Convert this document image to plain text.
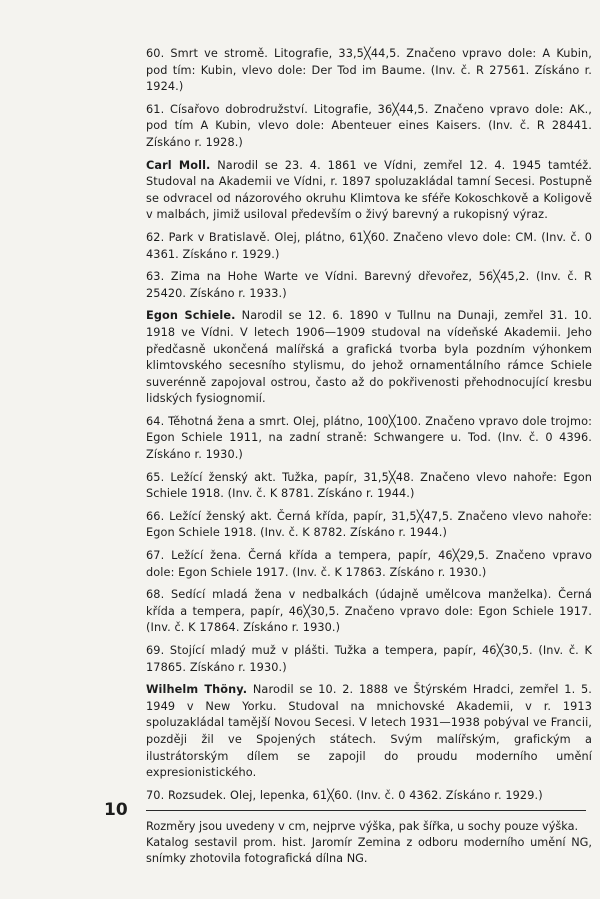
60. Smrt ve stromě. Litografie, 33,5╳44,5. Značeno vpravo dole: A Kubin, pod tím: Kubin, vlevo dole: Der Tod im Baume. (Inv. č. R 27561. Získáno r. 1924.)

61. Císařovo dobrodružství. Litografie, 36╳44,5. Značeno vpravo dole: AK., pod tím A Kubin, vlevo dole: Abenteuer eines Kaisers. (Inv. č. R 28441. Získáno r. 1928.)

Carl Moll. Narodil se 23. 4. 1861 ve Vídni, zemřel 12. 4. 1945 tamtéž. Studoval na Akademii ve Vídni, r. 1897 spoluzakládal tamní Secesi. Postupně se odvracel od názorového okruhu Klimtova ke sféře Kokoschkově a Koligově v malbách, jimiž usiloval především o živý barevný a rukopisný výraz.

62. Park v Bratislavě. Olej, plátno, 61╳60. Značeno vlevo dole: CM. (Inv. č. 0 4361. Získáno r. 1929.)

63. Zima na Hohe Warte ve Vídni. Barevný dřevořez, 56╳45,2. (Inv. č. R 25420. Získáno r. 1933.)

Egon Schiele. Narodil se 12. 6. 1890 v Tullnu na Dunaji, zemřel 31. 10. 1918 ve Vídni. V letech 1906—1909 studoval na vídeňské Akademii. Jeho předčasně ukončená malířská a grafická tvorba byla pozdním výhonkem klimtovského secesního stylismu, do jehož ornamentálního rámce Schiele suverénně zapojoval ostrou, často až do pokřivenosti přehodnocující kresbu lidských fysiognomií.

64. Těhotná žena a smrt. Olej, plátno, 100╳100. Značeno vpravo dole trojmo: Egon Schiele 1911, na zadní straně: Schwangere u. Tod. (Inv. č. 0 4396. Získáno r. 1930.)

65. Ležící ženský akt. Tužka, papír, 31,5╳48. Značeno vlevo nahoře: Egon Schiele 1918. (Inv. č. K 8781. Získáno r. 1944.)

66. Ležící ženský akt. Černá křída, papír, 31,5╳47,5. Značeno vlevo nahoře: Egon Schiele 1918. (Inv. č. K 8782. Získáno r. 1944.)

67. Ležící žena. Černá křída a tempera, papír, 46╳29,5. Značeno vpravo dole: Egon Schiele 1917. (Inv. č. K 17863. Získáno r. 1930.)

68. Sedící mladá žena v nedbalkách (údajně umělcova manželka). Černá křída a tempera, papír, 46╳30,5. Značeno vpravo dole: Egon Schiele 1917. (Inv. č. K 17864. Získáno r. 1930.)

69. Stojící mladý muž v plášti. Tužka a tempera, papír, 46╳30,5. (Inv. č. K 17865. Získáno r. 1930.)

Wilhelm Thöny. Narodil se 10. 2. 1888 ve Štýrském Hradci, zemřel 1. 5. 1949 v New Yorku. Studoval na mnichovské Akademii, v r. 1913 spoluzakládal tamější Novou Secesi. V letech 1931—1938 pobýval ve Francii, později žil ve Spojených státech. Svým malířským, grafickým a ilustrátorským dílem se zapojil do proudu moderního umění expresionistického.

70. Rozsudek. Olej, lepenka, 61╳60. (Inv. č. 0 4362. Získáno r. 1929.)

Rozměry jsou uvedeny v cm, nejprve výška, pak šířka, u sochy pouze výška.

Katalog sestavil prom. hist. Jaromír Zemina z odboru moderního umění NG, snímky zhotovila fotografická dílna NG.

10
